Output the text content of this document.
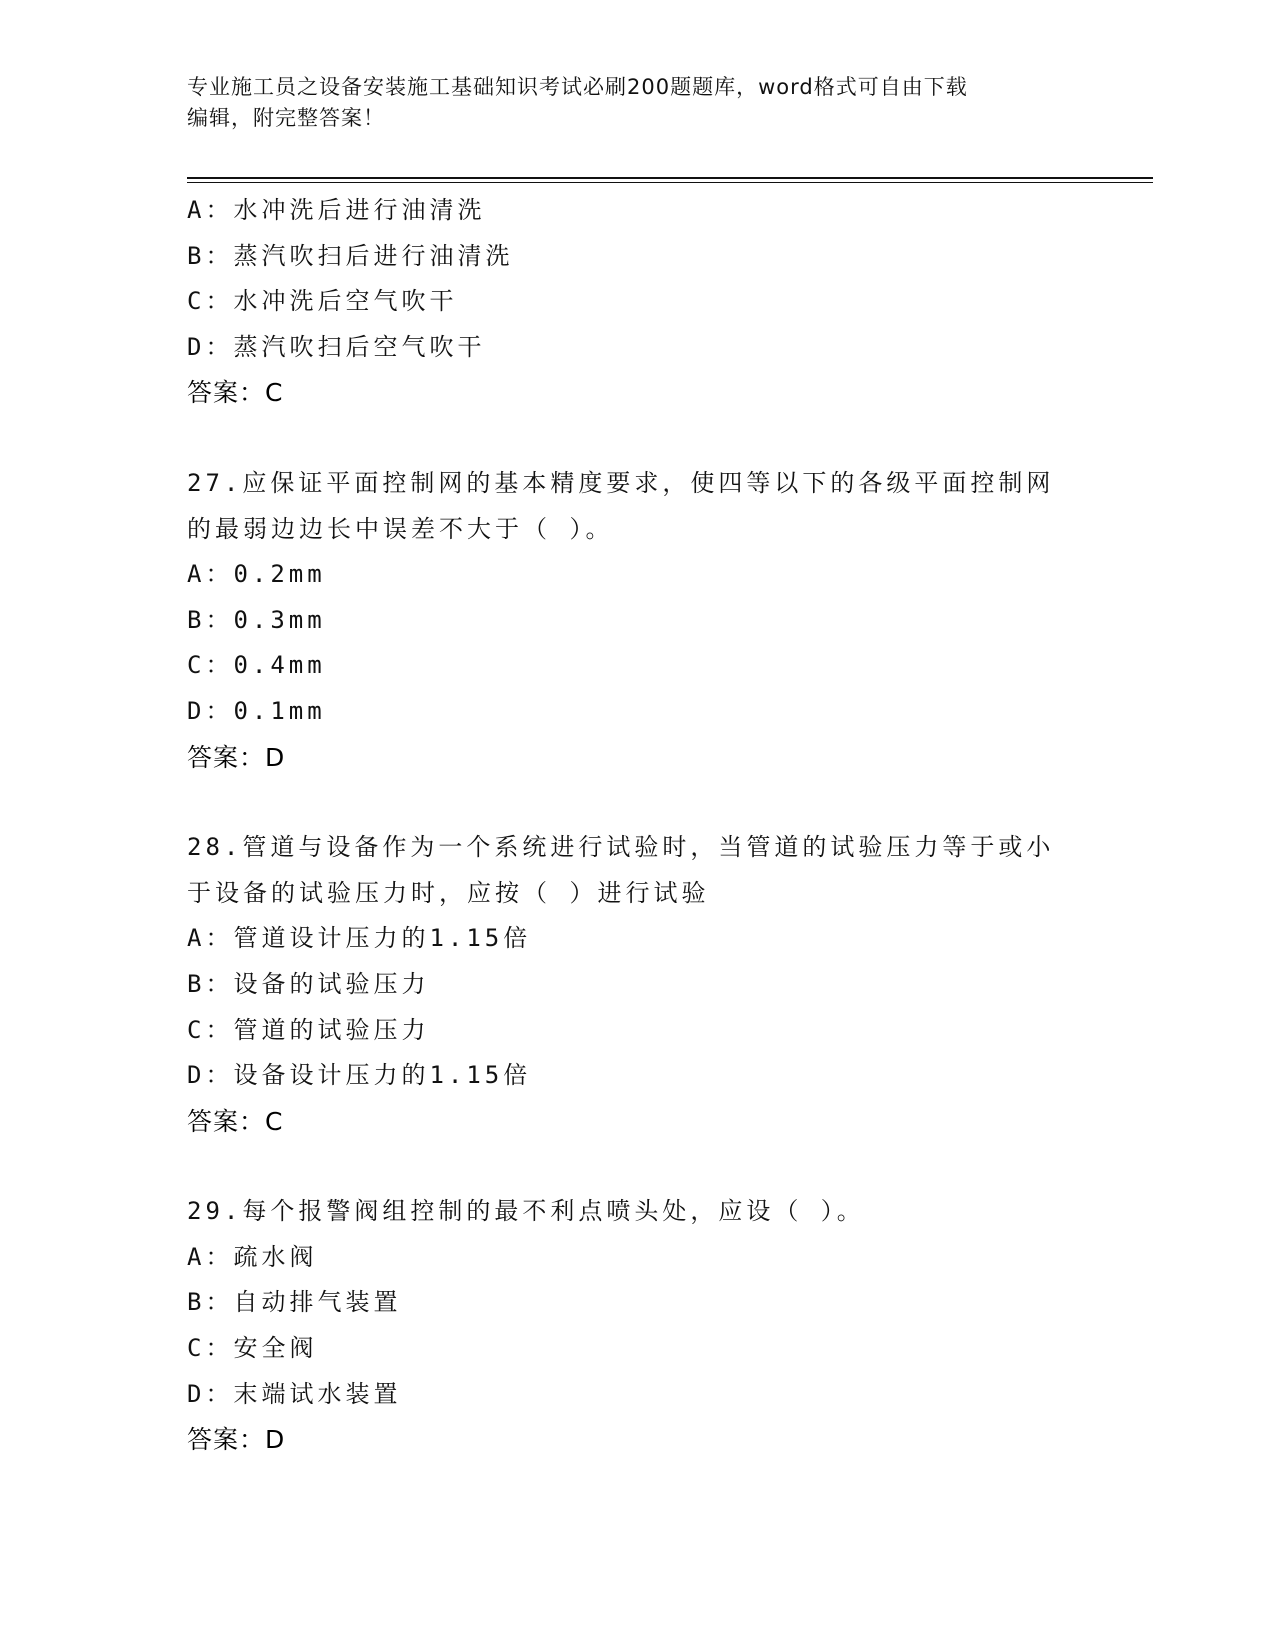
专业施工员之设备安装施工基础知识考试必刷200题题库，word格式可自由下载
编辑，附完整答案！
A：水冲洗后进行油清洗
B：蒸汽吹扫后进行油清洗
C：水冲洗后空气吹干
D：蒸汽吹扫后空气吹干
答案：C
27.应保证平面控制网的基本精度要求，使四等以下的各级平面控制网
的最弱边边长中误差不大于（ ）。
A：0.2mm
B：0.3mm
C：0.4mm
D：0.1mm
答案：D
28.管道与设备作为一个系统进行试验时，当管道的试验压力等于或小
于设备的试验压力时，应按（ ）进行试验
A：管道设计压力的1.15倍
B：设备的试验压力
C：管道的试验压力
D：设备设计压力的1.15倍
答案：C
29.每个报警阀组控制的最不利点喷头处，应设（ ）。
A：疏水阀
B：自动排气装置
C：安全阀
D：末端试水装置
答案：D
